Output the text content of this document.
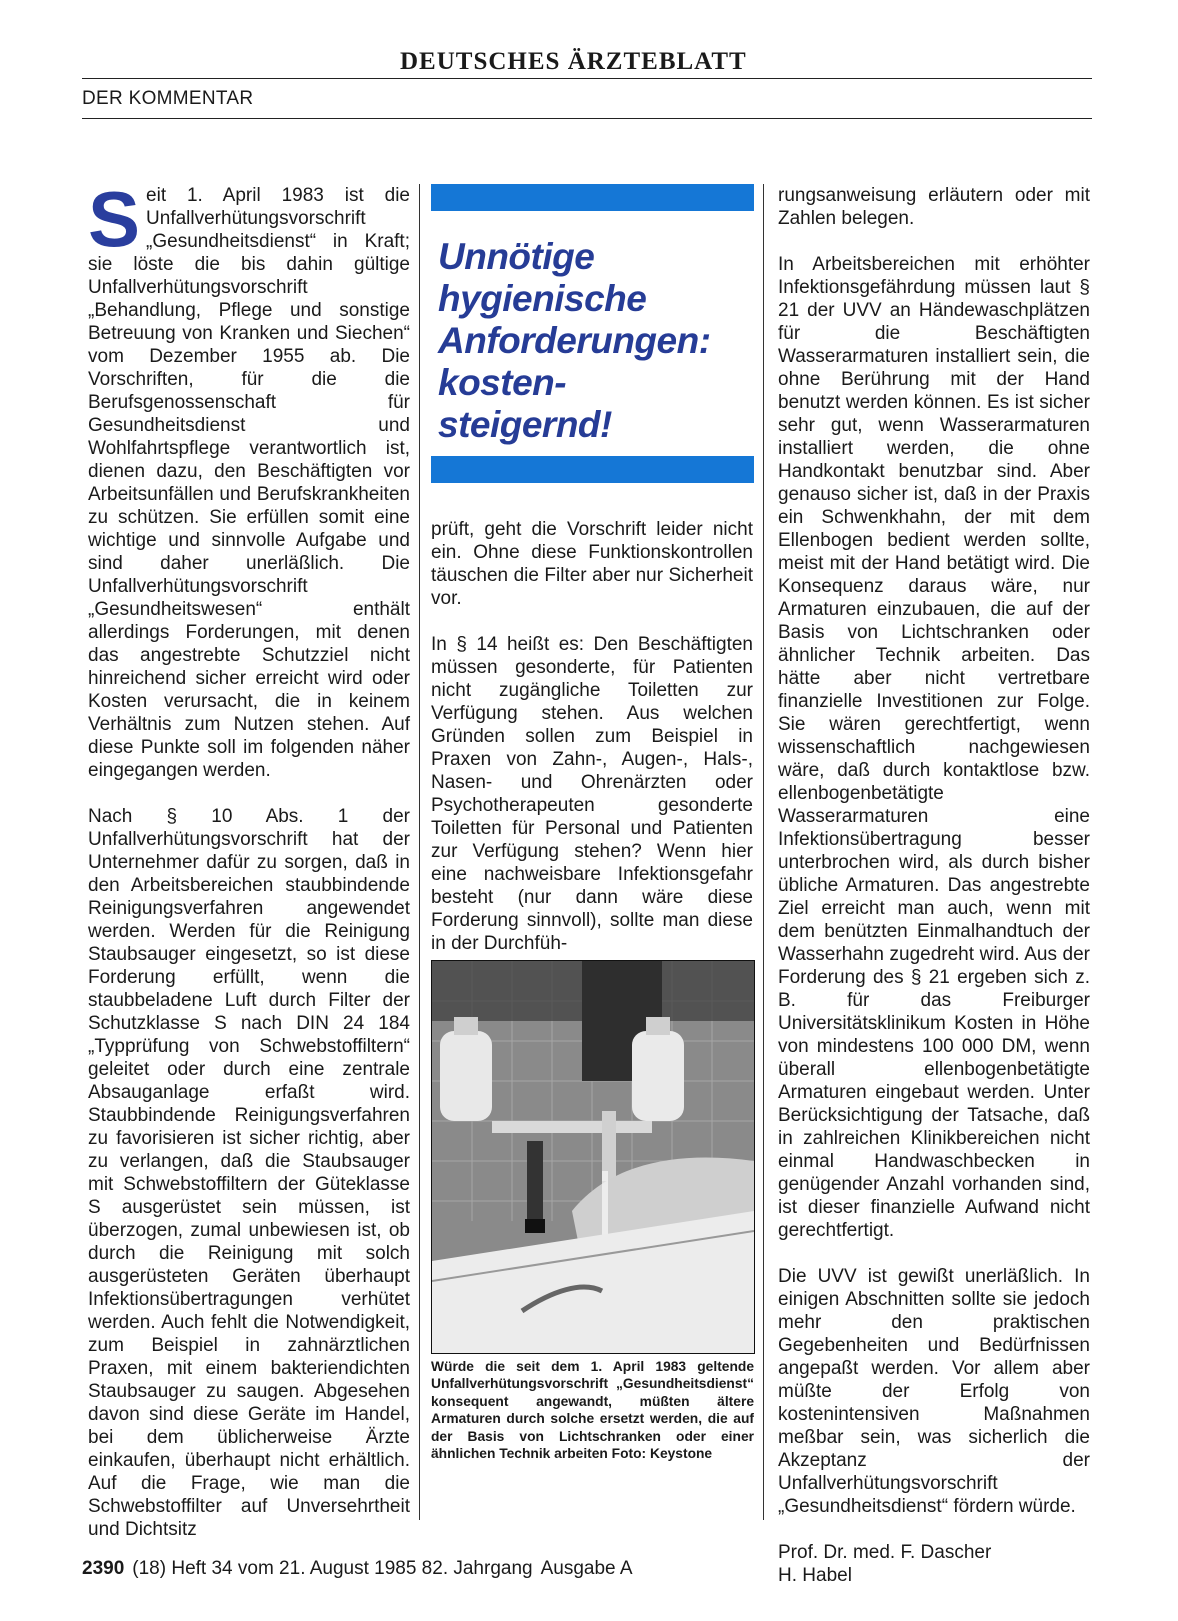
DEUTSCHES ÄRZTEBLATT
DER KOMMENTAR

Seit 1. April 1983 ist die Unfallverhütungsvorschrift „Gesundheitsdienst“ in Kraft; sie löste die bis dahin gültige Unfallverhütungsvorschrift „Behandlung, Pflege und sonstige Betreuung von Kranken und Siechen“ vom Dezember 1955 ab. Die Vorschriften, für die die Berufsgenossenschaft für Gesundheitsdienst und Wohlfahrtspflege verantwortlich ist, dienen dazu, den Beschäftigten vor Arbeitsunfällen und Berufskrankheiten zu schützen. Sie erfüllen somit eine wichtige und sinnvolle Aufgabe und sind daher unerläßlich. Die Unfallverhütungsvorschrift „Gesundheitswesen“ enthält allerdings Forderungen, mit denen das angestrebte Schutzziel nicht hinreichend sicher erreicht wird oder Kosten verursacht, die in keinem Verhältnis zum Nutzen stehen. Auf diese Punkte soll im folgenden näher eingegangen werden.

Nach § 10 Abs. 1 der Unfallverhütungsvorschrift hat der Unternehmer dafür zu sorgen, daß in den Arbeitsbereichen staubbindende Reinigungsverfahren angewendet werden. Werden für die Reinigung Staubsauger eingesetzt, so ist diese Forderung erfüllt, wenn die staubbeladene Luft durch Filter der Schutzklasse S nach DIN 24 184 „Typprüfung von Schwebstoffiltern“ geleitet oder durch eine zentrale Absauganlage erfaßt wird. Staubbindende Reinigungsverfahren zu favorisieren ist sicher richtig, aber zu verlangen, daß die Staubsauger mit Schwebstoffiltern der Güteklasse S ausgerüstet sein müssen, ist überzogen, zumal unbewiesen ist, ob durch die Reinigung mit solch ausgerüsteten Geräten überhaupt Infektionsübertragungen verhütet werden. Auch fehlt die Notwendigkeit, zum Beispiel in zahnärztlichen Praxen, mit einem bakteriendichten Staubsauger zu saugen. Abgesehen davon sind diese Geräte im Handel, bei dem üblicherweise Ärzte einkaufen, überhaupt nicht erhältlich. Auf die Frage, wie man die Schwebstoffilter auf Unversehrtheit und Dichtsitz

Unnötige
hygienische
Anforderungen:
kosten-
steigernd!

prüft, geht die Vorschrift leider nicht ein. Ohne diese Funktionskontrollen täuschen die Filter aber nur Sicherheit vor.

In § 14 heißt es: Den Beschäftigten müssen gesonderte, für Patienten nicht zugängliche Toiletten zur Verfügung stehen. Aus welchen Gründen sollen zum Beispiel in Praxen von Zahn-, Augen-, Hals-, Nasen- und Ohrenärzten oder Psychotherapeuten gesonderte Toiletten für Personal und Patienten zur Verfügung stehen? Wenn hier eine nachweisbare Infektionsgefahr besteht (nur dann wäre diese Forderung sinnvoll), sollte man diese in der Durchfüh-

Würde die seit dem 1. April 1983 geltende Unfallverhütungsvorschrift „Gesundheitsdienst“ konsequent angewandt, müßten ältere Armaturen durch solche ersetzt werden, die auf der Basis von Lichtschranken oder einer ähnlichen Technik arbeiten Foto: Keystone

rungsanweisung erläutern oder mit Zahlen belegen.

In Arbeitsbereichen mit erhöhter Infektionsgefährdung müssen laut § 21 der UVV an Händewaschplätzen für die Beschäftigten Wasserarmaturen installiert sein, die ohne Berührung mit der Hand benutzt werden können. Es ist sicher sehr gut, wenn Wasserarmaturen installiert werden, die ohne Handkontakt benutzbar sind. Aber genauso sicher ist, daß in der Praxis ein Schwenkhahn, der mit dem Ellenbogen bedient werden sollte, meist mit der Hand betätigt wird. Die Konsequenz daraus wäre, nur Armaturen einzubauen, die auf der Basis von Lichtschranken oder ähnlicher Technik arbeiten. Das hätte aber nicht vertretbare finanzielle Investitionen zur Folge. Sie wären gerechtfertigt, wenn wissenschaftlich nachgewiesen wäre, daß durch kontaktlose bzw. ellenbogenbetätigte Wasserarmaturen eine Infektionsübertragung besser unterbrochen wird, als durch bisher übliche Armaturen. Das angestrebte Ziel erreicht man auch, wenn mit dem benützten Einmalhandtuch der Wasserhahn zugedreht wird. Aus der Forderung des § 21 ergeben sich z. B. für das Freiburger Universitätsklinikum Kosten in Höhe von mindestens 100 000 DM, wenn überall ellenbogenbetätigte Armaturen eingebaut werden. Unter Berücksichtigung der Tatsache, daß in zahlreichen Klinikbereichen nicht einmal Handwaschbecken in genügender Anzahl vorhanden sind, ist dieser finanzielle Aufwand nicht gerechtfertigt.

Die UVV ist gewißt unerläßlich. In einigen Abschnitten sollte sie jedoch mehr den praktischen Gegebenheiten und Bedürfnissen angepaßt werden. Vor allem aber müßte der Erfolg von kostenintensiven Maßnahmen meßbar sein, was sicherlich die Akzeptanz der Unfallverhütungsvorschrift „Gesundheitsdienst“ fördern würde.

Prof. Dr. med. F. Dascher

H. Habel

2390 (18) Heft 34 vom 21. August 1985 82. Jahrgang Ausgabe A
